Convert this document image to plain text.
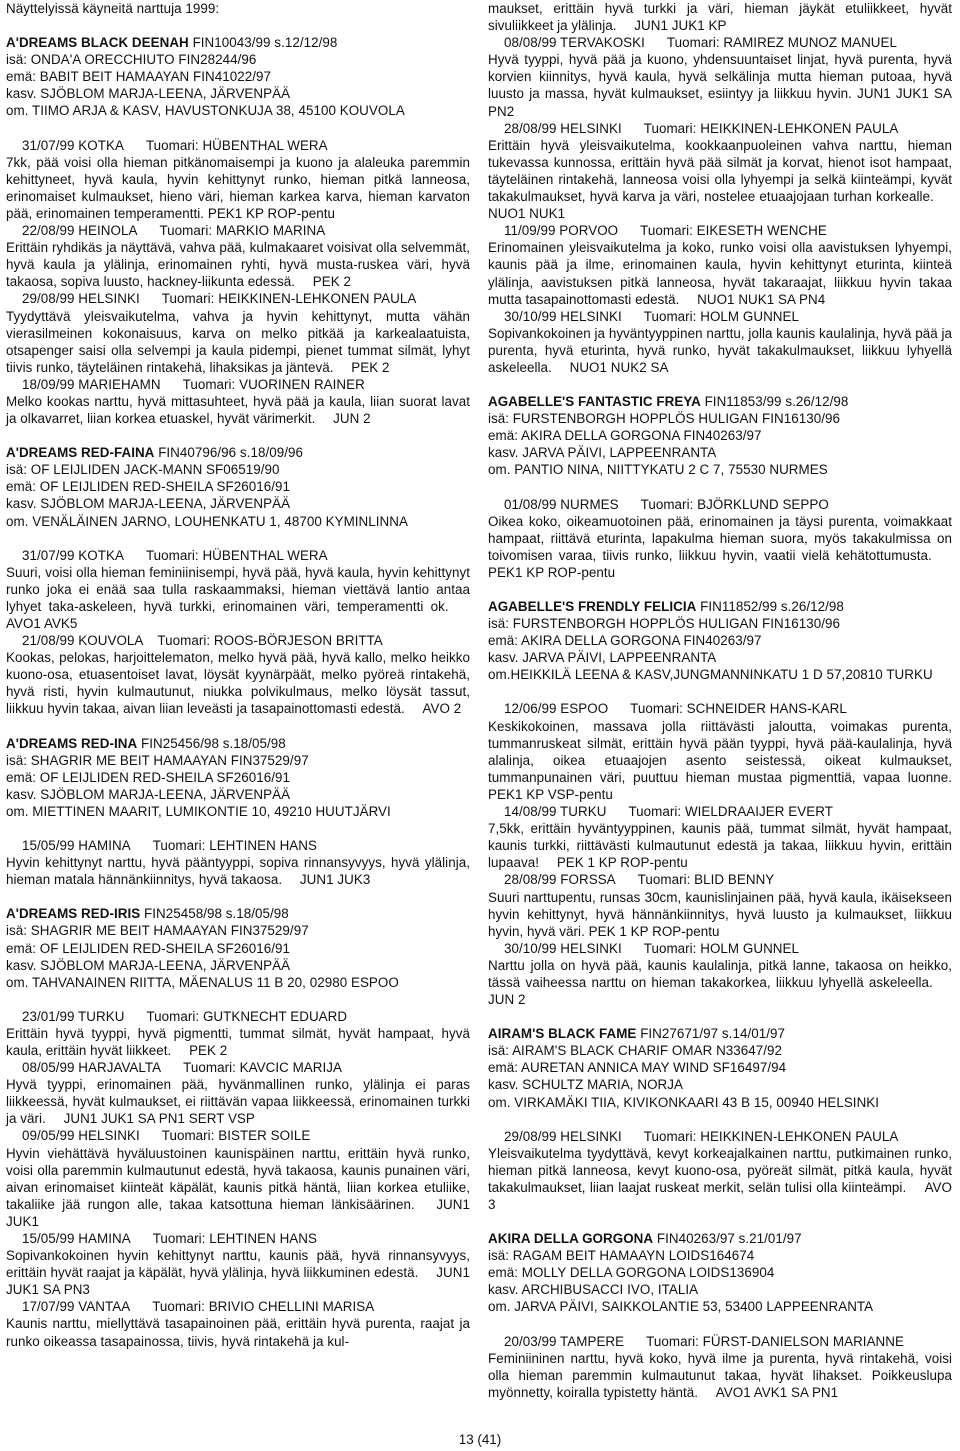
Näyttelyissä käyneitä narttuja 1999:

A'DREAMS BLACK DEENAH FIN10043/99 s.12/12/98

isä: ONDA'A ORECCHIUTO FIN28244/96

emä: BABIT BEIT HAMAAYAN FIN41022/97

kasv. SJÖBLOM MARJA-LEENA, JÄRVENPÄÄ

om. TIIMO ARJA & KASV, HAVUSTONKUJA 38, 45100 KOUVOLA

31/07/99 KOTKA Tuomari: HÜBENTHAL WERA

7kk, pää voisi olla hieman pitkänomaisempi ja kuono ja alaleuka paremmin kehittyneet, hyvä kaula, hyvin kehittynyt runko, hieman pitkä lanneosa, erinomaiset kulmaukset, hieno väri, hieman karkea karva, hieman karvaton pää, erinomainen temperamentti. PEK1 KP ROP-pentu

22/08/99 HEINOLA Tuomari: MARKIO MARINA

Erittäin ryhdikäs ja näyttävä, vahva pää, kulmakaaret voisivat olla selvemmät, hyvä kaula ja ylälinja, erinomainen ryhti, hyvä musta-ruskea väri, hyvä takaosa, sopiva luusto, hackney-liikunta edessä. PEK 2

29/08/99 HELSINKI Tuomari: HEIKKINEN-LEHKONEN PAULA

Tyydyttävä yleisvaikutelma, vahva ja hyvin kehittynyt, mutta vähän vierasilmeinen kokonaisuus, karva on melko pitkää ja karkealaatuista, otsapenger saisi olla selvempi ja kaula pidempi, pienet tummat silmät, lyhyt tiivis runko, täyteläinen rintakehä, lihaksikas ja jäntevä. PEK 2

18/09/99 MARIEHAMN Tuomari: VUORINEN RAINER

Melko kookas narttu, hyvä mittasuhteet, hyvä pää ja kaula, liian suorat lavat ja olkavarret, liian korkea etuaskel, hyvät värimerkit. JUN 2

A'DREAMS RED-FAINA FIN40796/96 s.18/09/96

isä: OF LEIJLIDEN JACK-MANN SF06519/90

emä: OF LEIJLIDEN RED-SHEILA SF26016/91

kasv. SJÖBLOM MARJA-LEENA, JÄRVENPÄÄ

om. VENÄLÄINEN JARNO, LOUHENKATU 1, 48700 KYMINLINNA

31/07/99 KOTKA Tuomari: HÜBENTHAL WERA

Suuri, voisi olla hieman feminiinisempi, hyvä pää, hyvä kaula, hyvin kehittynyt runko joka ei enää saa tulla raskaammaksi, hieman viettävä lantio antaa lyhyet taka-askeleen, hyvä turkki, erinomainen väri, temperamentti ok. AVO1 AVK5

21/08/99 KOUVOLA Tuomari: ROOS-BÖRJESON BRITTA

Kookas, pelokas, harjoittelematon, melko hyvä pää, hyvä kallo, melko heikko kuono-osa, etuasentoiset lavat, löysät kyynärpäät, melko pyöreä rintakehä, hyvä risti, hyvin kulmautunut, niukka polvikulmaus, melko löysät tassut, liikkuu hyvin takaa, aivan liian leveästi ja tasapainottomasti edestä. AVO 2

A'DREAMS RED-INA FIN25456/98 s.18/05/98

isä: SHAGRIR ME BEIT HAMAAYAN FIN37529/97

emä: OF LEIJLIDEN RED-SHEILA SF26016/91

kasv. SJÖBLOM MARJA-LEENA, JÄRVENPÄÄ

om. MIETTINEN MAARIT, LUMIKONTIE 10, 49210 HUUTJÄRVI

15/05/99 HAMINA Tuomari: LEHTINEN HANS

Hyvin kehittynyt narttu, hyvä pääntyyppi, sopiva rinnansyvyys, hyvä ylälinja, hieman matala hännänkiinnitys, hyvä takaosa. JUN1 JUK3

A'DREAMS RED-IRIS FIN25458/98 s.18/05/98

isä: SHAGRIR ME BEIT HAMAAYAN FIN37529/97

emä: OF LEIJLIDEN RED-SHEILA SF26016/91

kasv. SJÖBLOM MARJA-LEENA, JÄRVENPÄÄ

om. TAHVANAINEN RIITTA, MÄENALUS 11 B 20, 02980 ESPOO

23/01/99 TURKU Tuomari: GUTKNECHT EDUARD

Erittäin hyvä tyyppi, hyvä pigmentti, tummat silmät, hyvät hampaat, hyvä kaula, erittäin hyvät liikkeet. PEK 2

08/05/99 HARJAVALTA Tuomari: KAVCIC MARIJA

Hyvä tyyppi, erinomainen pää, hyvänmallinen runko, ylälinja ei paras liikkeessä, hyvät kulmaukset, ei riittävän vapaa liikkeessä, erinomainen turkki ja väri. JUN1 JUK1 SA PN1 SERT VSP

09/05/99 HELSINKI Tuomari: BISTER SOILE

Hyvin viehättävä hyväluustoinen kaunispäinen narttu, erittäin hyvä runko, voisi olla paremmin kulmautunut edestä, hyvä takaosa, kaunis punainen väri, aivan erinomaiset kiinteät käpälät, kaunis pitkä häntä, liian korkea etuliike, takaliike jää rungon alle, takaa katsottuna hieman länkisäärinen. JUN1 JUK1

15/05/99 HAMINA Tuomari: LEHTINEN HANS

Sopivankokoinen hyvin kehittynyt narttu, kaunis pää, hyvä rinnansyvyys, erittäin hyvät raajat ja käpälät, hyvä ylälinja, hyvä liikkuminen edestä. JUN1 JUK1 SA PN3

17/07/99 VANTAA Tuomari: BRIVIO CHELLINI MARISA

Kaunis narttu, miellyttävä tasapainoinen pää, erittäin hyvä purenta, raajat ja runko oikeassa tasapainossa, tiivis, hyvä rintakehä ja kul-

maukset, erittäin hyvä turkki ja väri, hieman jäykät etuliikkeet, hyvät sivuliikkeet ja ylälinja. JUN1 JUK1 KP

08/08/99 TERVAKOSKI Tuomari: RAMIREZ MUNOZ MANUEL

Hyvä tyyppi, hyvä pää ja kuono, yhdensuuntaiset linjat, hyvä purenta, hyvä korvien kiinnitys, hyvä kaula, hyvä selkälinja mutta hieman putoaa, hyvä luusto ja massa, hyvät kulmaukset, esiintyy ja liikkuu hyvin. JUN1 JUK1 SA PN2

28/08/99 HELSINKI Tuomari: HEIKKINEN-LEHKONEN PAULA

Erittäin hyvä yleisvaikutelma, kookkaanpuoleinen vahva narttu, hieman tukevassa kunnossa, erittäin hyvä pää silmät ja korvat, hienot isot hampaat, täyteläinen rintakehä, lanneosa voisi olla lyhyempi ja selkä kiinteämpi, kyvät takakulmaukset, hyvä karva ja väri, nostelee etuaajojaan turhan korkealle. NUO1 NUK1

11/09/99 PORVOO Tuomari: EIKESETH WENCHE

Erinomainen yleisvaikutelma ja koko, runko voisi olla aavistuksen lyhyempi, kaunis pää ja ilme, erinomainen kaula, hyvin kehittynyt eturinta, kiinteä ylälinja, aavistuksen pitkä lanneosa, hyvät takaraajat, liikkuu hyvin takaa mutta tasapainottomasti edestä. NUO1 NUK1 SA PN4

30/10/99 HELSINKI Tuomari: HOLM GUNNEL

Sopivankokoinen ja hyväntyyppinen narttu, jolla kaunis kaulalinja, hyvä pää ja purenta, hyvä eturinta, hyvä runko, hyvät takakulmaukset, liikkuu lyhyellä askeleella. NUO1 NUK2 SA

AGABELLE'S FANTASTIC FREYA FIN11853/99 s.26/12/98

isä: FURSTENBORGH HOPPLÖS HULIGAN FIN16130/96

emä: AKIRA DELLA GORGONA FIN40263/97

kasv. JARVA PÄIVI, LAPPEENRANTA

om. PANTIO NINA, NIITTYKATU 2 C 7, 75530 NURMES

01/08/99 NURMES Tuomari: BJÖRKLUND SEPPO

Oikea koko, oikeamuotoinen pää, erinomainen ja täysi purenta, voimakkaat hampaat, riittävä eturinta, lapakulma hieman suora, myös takakulmissa on toivomisen varaa, tiivis runko, liikkuu hyvin, vaatii vielä kehätottumusta. PEK1 KP ROP-pentu

AGABELLE'S FRENDLY FELICIA FIN11852/99 s.26/12/98

isä: FURSTENBORGH HOPPLÖS HULIGAN FIN16130/96

emä: AKIRA DELLA GORGONA FIN40263/97

kasv. JARVA PÄIVI, LAPPEENRANTA

om.HEIKKILÄ LEENA & KASV,JUNGMANNINKATU 1 D 57,20810 TURKU

12/06/99 ESPOO Tuomari: SCHNEIDER HANS-KARL

Keskikokoinen, massava jolla riittävästi jaloutta, voimakas purenta, tummanruskeat silmät, erittäin hyvä pään tyyppi, hyvä pää-kaulalinja, hyvä alalinja, oikea etuaajojen asento seistessä, oikeat kulmaukset, tummanpunainen väri, puuttuu hieman mustaa pigmenttiä, vapaa luonne. PEK1 KP VSP-pentu

14/08/99 TURKU Tuomari: WIELDRAAIJER EVERT

7,5kk, erittäin hyväntyyppinen, kaunis pää, tummat silmät, hyvät hampaat, kaunis turkki, riittävästi kulmautunut edestä ja takaa, liikkuu hyvin, erittäin lupaava! PEK 1 KP ROP-pentu

28/08/99 FORSSA Tuomari: BLID BENNY

Suuri narttupentu, runsas 30cm, kaunislinjainen pää, hyvä kaula, ikäisekseen hyvin kehittynyt, hyvä hännänkiinnitys, hyvä luusto ja kulmaukset, liikkuu hyvin, hyvä väri. PEK 1 KP ROP-pentu

30/10/99 HELSINKI Tuomari: HOLM GUNNEL

Narttu jolla on hyvä pää, kaunis kaulalinja, pitkä lanne, takaosa on heikko, tässä vaiheessa narttu on hieman takakorkea, liikkuu lyhyellä askeleella. JUN 2

AIRAM'S BLACK FAME FIN27671/97 s.14/01/97

isä: AIRAM'S BLACK CHARIF OMAR N33647/92

emä: AURETAN ANNICA MAY WIND SF16497/94

kasv. SCHULTZ MARIA, NORJA

om. VIRKAMÄKI TIIA, KIVIKONKAARI 43 B 15, 00940 HELSINKI

29/08/99 HELSINKI Tuomari: HEIKKINEN-LEHKONEN PAULA

Yleisvaikutelma tyydyttävä, kevyt korkeajalkainen narttu, putkimainen runko, hieman pitkä lanneosa, kevyt kuono-osa, pyöreät silmät, pitkä kaula, hyvät takakulmaukset, liian laajat ruskeat merkit, selän tulisi olla kiinteämpi. AVO 3

AKIRA DELLA GORGONA FIN40263/97 s.21/01/97

isä: RAGAM BEIT HAMAAYN LOIDS164674

emä: MOLLY DELLA GORGONA LOIDS136904

kasv. ARCHIBUSACCI IVO, ITALIA

om. JARVA PÄIVI, SAIKKOLANTIE 53, 53400 LAPPEENRANTA

20/03/99 TAMPERE Tuomari: FÜRST-DANIELSON MARIANNE

Feminiininen narttu, hyvä koko, hyvä ilme ja purenta, hyvä rintakehä, voisi olla hieman paremmin kulmautunut takaa, hyvät lihakset. Poikkeuslupa myönnetty, koiralla typistetty häntä. AVO1 AVK1 SA PN1

13 (41)
